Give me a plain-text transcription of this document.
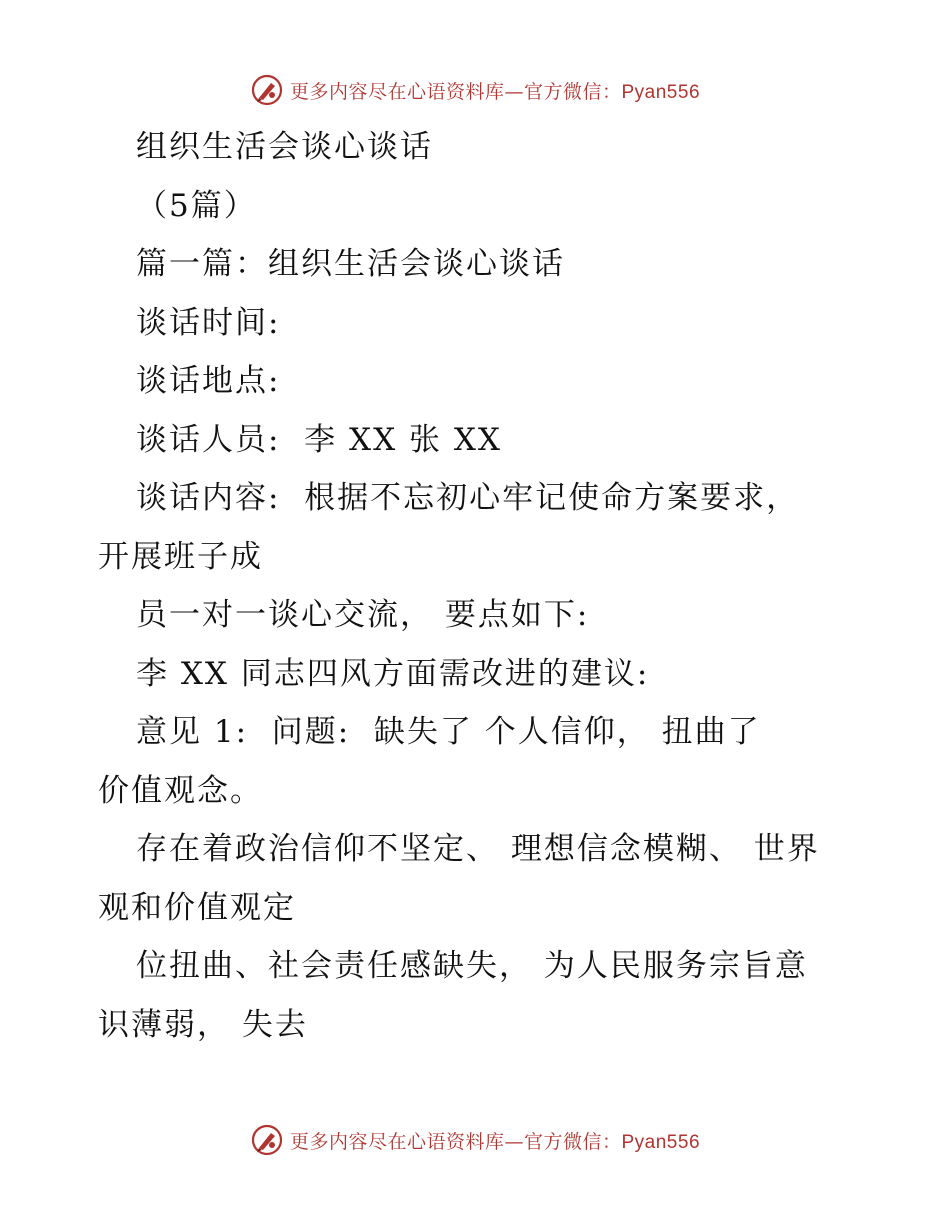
更多内容尽在心语资料库—官方微信：Pyan556
组织生活会谈心谈话
（5篇）
篇一篇：组织生活会谈心谈话
谈话时间:
谈话地点:
谈话人员:  李 XX 张 XX
谈话内容:  根据不忘初心牢记使命方案要求，
开展班子成
员一对一谈心交流， 要点如下:
李 XX 同志四风方面需改进的建议:
意见 1:  问题:  缺失了 个人信仰， 扭曲了
价值观念。
存在着政治信仰不坚定、 理想信念模糊、 世界
观和价值观定
位扭曲、社会责任感缺失， 为人民服务宗旨意
识薄弱， 失去
更多内容尽在心语资料库—官方微信：Pyan556
